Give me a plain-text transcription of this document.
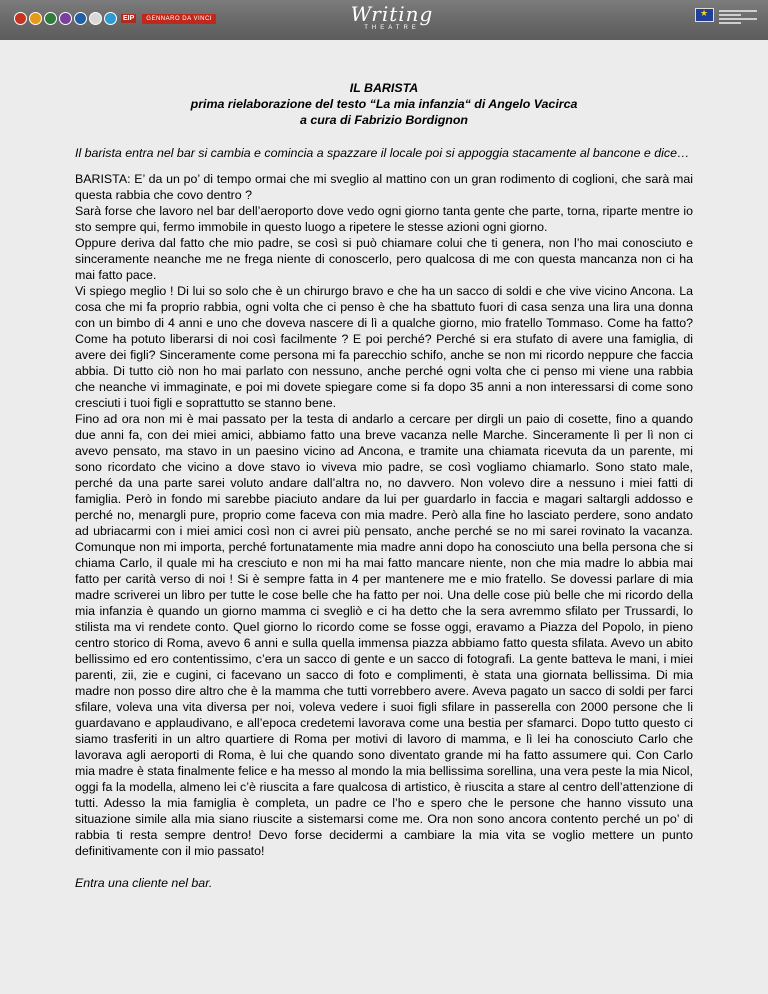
EIP	GENNARO DA VINCI	Writing
THEATRE
★
IL BARISTA
prima rielaborazione del testo “La mia infanzia“ di Angelo Vacirca
a cura di Fabrizio Bordignon

Il barista entra nel bar si cambia e comincia a spazzare il locale poi si appoggia stacamente al bancone e dice…

BARISTA: E’ da un po’ di tempo ormai che mi sveglio al mattino con un gran rodimento di coglioni, che sarà mai questa rabbia che covo dentro ?

Sarà forse che lavoro nel bar dell’aeroporto dove vedo ogni giorno tanta gente che parte, torna, riparte mentre io sto sempre qui, fermo immobile in questo luogo a ripetere le stesse azioni ogni giorno.

Oppure deriva dal fatto che mio padre, se così si può chiamare colui che ti genera, non l’ho mai conosciuto e sinceramente neanche me ne frega niente di conoscerlo, pero qualcosa di me con questa mancanza non ci ha mai fatto pace.

Vi spiego meglio ! Di lui so solo che è un chirurgo bravo e che ha un sacco di soldi e che vive vicino Ancona. La cosa che mi fa proprio rabbia, ogni volta che ci penso è che ha sbattuto fuori di casa senza una lira una donna con un bimbo di 4 anni e uno che doveva nascere di lì a qualche giorno, mio fratello Tommaso. Come ha fatto? Come ha potuto liberarsi di noi così facilmente ? E poi perché? Perché si era stufato di avere una famiglia, di avere dei figli? Sinceramente come persona mi fa parecchio schifo, anche se non mi ricordo neppure che faccia abbia. Di tutto ciò non ho mai parlato con nessuno, anche perché ogni volta che ci penso mi viene una rabbia che neanche vi immaginate, e poi mi dovete spiegare come si fa dopo 35 anni a non interessarsi di come sono cresciuti i tuoi figli e soprattutto se stanno bene.

Fino ad ora non mi è mai passato per la testa di andarlo a cercare per dirgli un paio di cosette, fino a quando due anni fa, con dei miei amici, abbiamo fatto una breve vacanza nelle Marche. Sinceramente lì per lì non ci avevo pensato, ma stavo in un paesino vicino ad Ancona, e tramite una chiamata ricevuta da un parente, mi sono ricordato che vicino a dove stavo io viveva mio padre, se così vogliamo chiamarlo. Sono stato male, perché da una parte sarei voluto andare dall’altra no, no davvero. Non volevo dire a nessuno i miei fatti di famiglia. Però in fondo mi sarebbe piaciuto andare da lui per guardarlo in faccia e magari saltargli addosso e perché no, menargli pure, proprio come faceva con mia madre. Però alla fine ho lasciato perdere, sono andato ad ubriacarmi con i miei amici così non ci avrei più pensato, anche perché se no mi sarei rovinato la vacanza. Comunque non mi importa, perché fortunatamente mia madre anni dopo ha conosciuto una bella persona che si chiama Carlo, il quale mi ha cresciuto e non mi ha mai fatto mancare niente, non che mia madre lo abbia mai fatto per carità verso di noi ! Si è sempre fatta in 4 per mantenere me e mio fratello. Se dovessi parlare di mia madre scriverei un libro per tutte le cose belle che ha fatto per noi. Una delle cose più belle che mi ricordo della mia infanzia è quando un giorno mamma ci svegliò e ci ha detto che la sera avremmo sfilato per Trussardi, lo stilista ma vi rendete conto. Quel giorno lo ricordo come se fosse oggi, eravamo a Piazza del Popolo, in pieno centro storico di Roma, avevo 6 anni e sulla quella immensa piazza abbiamo fatto questa sfilata. Avevo un abito bellissimo ed ero contentissimo, c’era un sacco di gente e un sacco di fotografi. La gente batteva le mani, i miei parenti, zii, zie e cugini, ci facevano un sacco di foto e complimenti, è stata una giornata bellissima. Di mia madre non posso dire altro che è la mamma che tutti vorrebbero avere. Aveva pagato un sacco di soldi per farci sfilare, voleva una vita diversa per noi, voleva vedere i suoi figli sfilare in passerella con 2000 persone che li guardavano e applaudivano, e all’epoca credetemi lavorava come una bestia per sfamarci. Dopo tutto questo ci siamo trasferiti in un altro quartiere di Roma per motivi di lavoro di mamma, e lì lei ha conosciuto Carlo che lavorava agli aeroporti di Roma, è lui che quando sono diventato grande mi ha fatto assumere qui. Con Carlo mia madre è stata finalmente felice e ha messo al mondo la mia bellissima sorellina, una vera peste la mia Nicol, oggi fa la modella, almeno lei c’è riuscita a fare qualcosa di artistico, è riuscita a stare al centro dell’attenzione di tutti. Adesso la mia famiglia è completa, un padre ce l’ho e spero che le persone che hanno vissuto una situazione simile alla mia siano riuscite a sistemarsi come me. Ora non sono ancora contento perché un po’ di rabbia ti resta sempre dentro! Devo forse decidermi a cambiare la mia vita se voglio mettere un punto definitivamente con il mio passato!

Entra una cliente nel bar.
